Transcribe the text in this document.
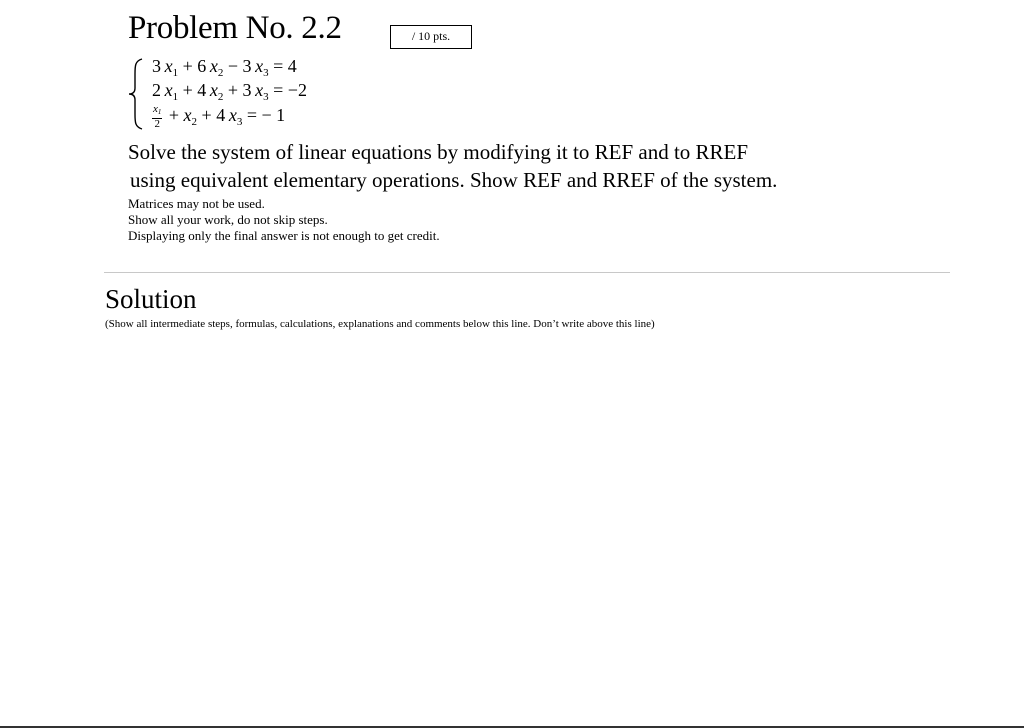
Problem No. 2.2	/ 10 pts.
3  $x_1 + 6$  $x_2 - 3$  $x_3 = 4$
2  $x_1 + 4$  $x_2 + 3$  $x_3 = -2$
$\frac{x_1}{2} + x_2 + 4$  $x_3$ = − 1
Solve the system of linear equations by modifying it to REF and to RREF
using equivalent elementary operations. Show REF and RREF of the system.
Matrices may not be used.
Show all your work, do not skip steps.
Displaying only the final answer is not enough to get credit.
Solution
(Show all intermediate steps, formulas, calculations, explanations and comments below this line. Don’t write above this line)
